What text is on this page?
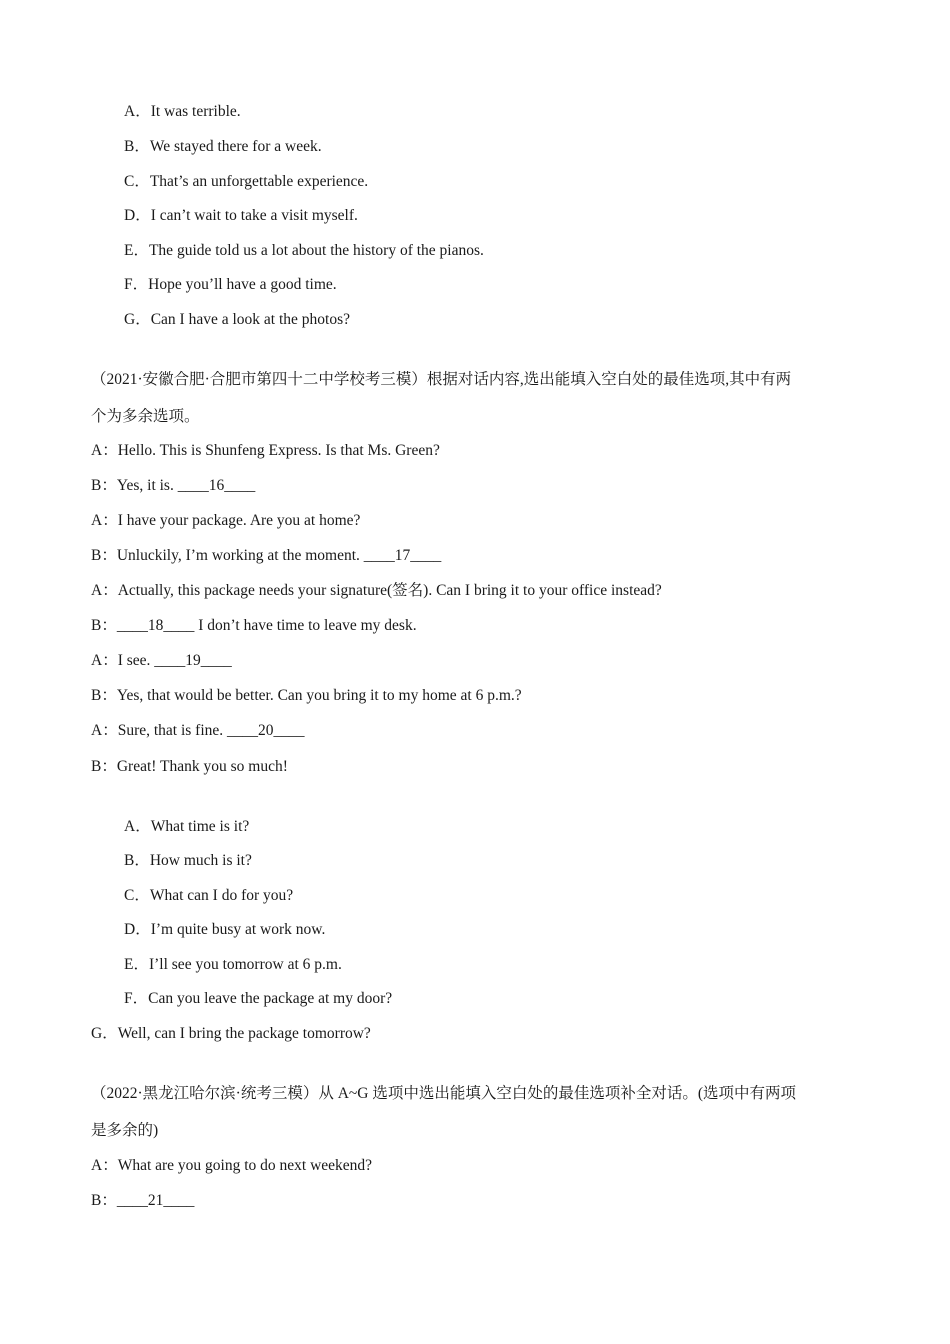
A．It was terrible.
B．We stayed there for a week.
C．That’s an unforgettable experience.
D．I can’t wait to take a visit myself.
E．The guide told us a lot about the history of the pianos.
F．Hope you’ll have a good time.
G．Can I have a look at the photos?
（2021·安徽合肥·合肥市第四十二中学校考三模）根据对话内容,选出能填入空白处的最佳选项,其中有两
个为多余选项。
A：Hello. This is Shunfeng Express. Is that Ms. Green?
B：Yes, it is. ____16____
A：I have your package. Are you at home?
B：Unluckily, I’m working at the moment. ____17____
A：Actually, this package needs your signature(签名). Can I bring it to your office instead?
B：____18____ I don’t have time to leave my desk.
A：I see. ____19____
B：Yes, that would be better. Can you bring it to my home at 6 p.m.?
A：Sure, that is fine. ____20____
B：Great! Thank you so much!
A．What time is it?
B．How much is it?
C．What can I do for you?
D．I’m quite busy at work now.
E．I’ll see you tomorrow at 6 p.m.
F．Can you leave the package at my door?
G．Well, can I bring the package tomorrow?
（2022·黑龙江哈尔滨·统考三模）从 A~G 选项中选出能填入空白处的最佳选项补全对话。(选项中有两项
是多余的)
A：What are you going to do next weekend?
B：____21____
